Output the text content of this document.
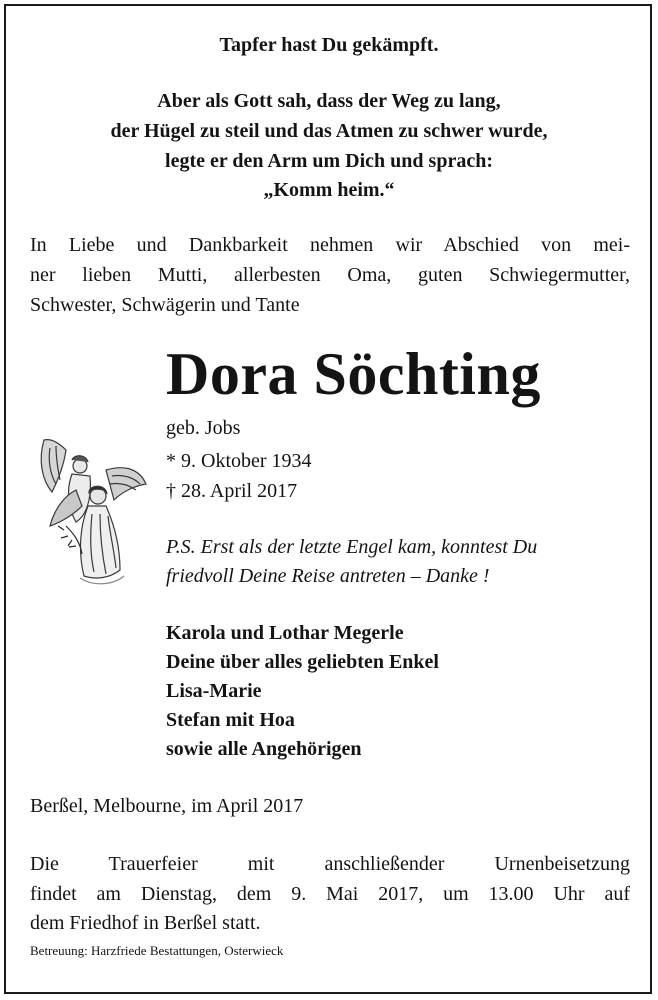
Tapfer hast Du gekämpft.
Aber als Gott sah, dass der Weg zu lang,
der Hügel zu steil und das Atmen zu schwer wurde,
legte er den Arm um Dich und sprach:
„Komm heim.“
In Liebe und Dankbarkeit nehmen wir Abschied von mei-
ner lieben Mutti, allerbesten Oma, guten Schwiegermutter,
Schwester, Schwägerin und Tante
Dora Söchting
geb. Jobs
* 9. Oktober 1934
† 28. April 2017
P.S. Erst als der letzte Engel kam, konntest Du
friedvoll Deine Reise antreten – Danke !
Karola und Lothar Megerle
Deine über alles geliebten Enkel
Lisa-Marie
Stefan mit Hoa
sowie alle Angehörigen
Berßel, Melbourne, im April 2017
Die Trauerfeier mit anschließender Urnenbeisetzung
findet am Dienstag, dem 9. Mai 2017, um 13.00 Uhr auf
dem Friedhof in Berßel statt.
Betreuung: Harzfriede Bestattungen, Osterwieck
